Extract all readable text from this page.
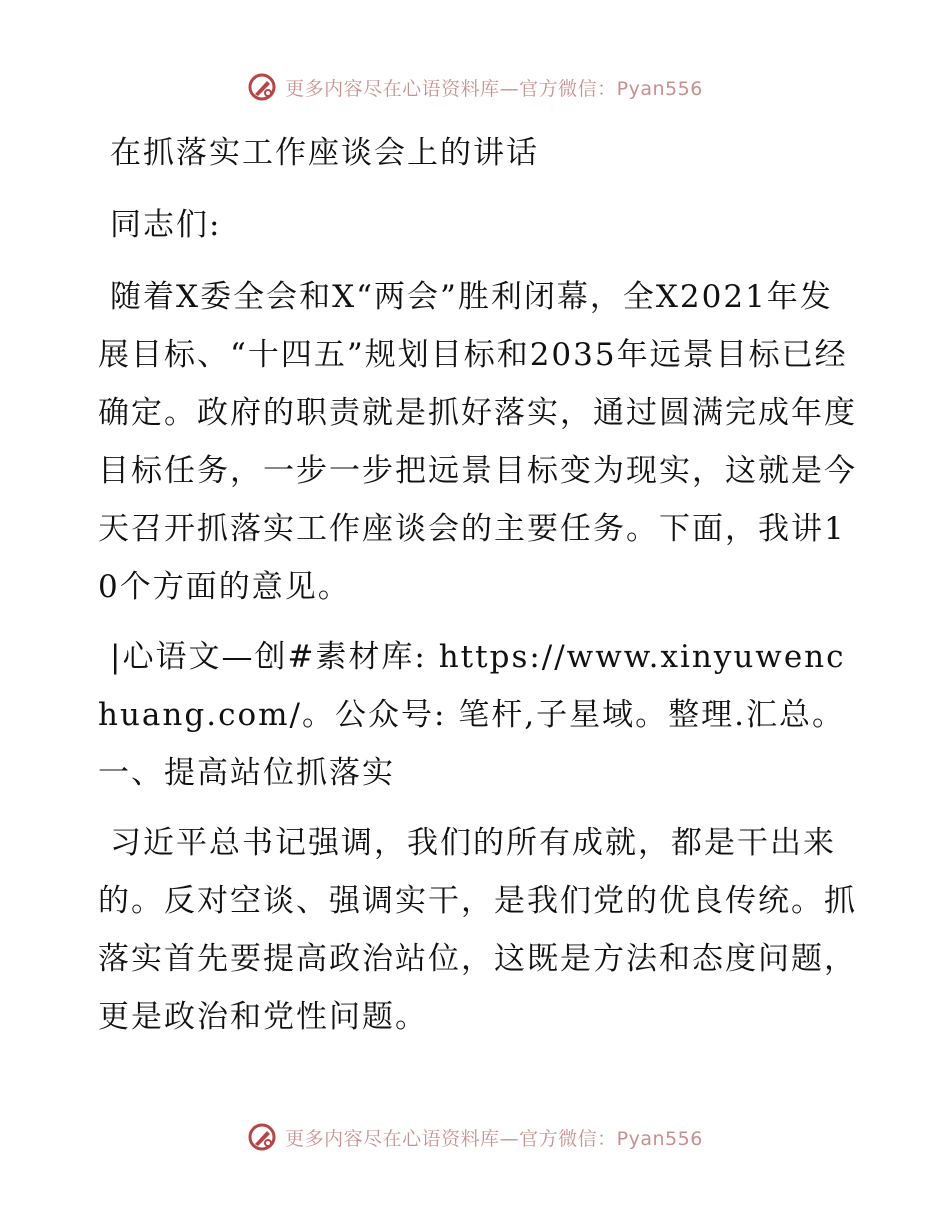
更多内容尽在心语资料库—官方微信：Pyan556

在抓落实工作座谈会上的讲话

同志们:

随着X委全会和X“两会”胜利闭幕，全X2021年发展目标、“十四五”规划目标和2035年远景目标已经确定。政府的职责就是抓好落实，通过圆满完成年度目标任务，一步一步把远景目标变为现实，这就是今天召开抓落实工作座谈会的主要任务。下面，我讲10个方面的意见。

|心语文—创#素材库: https://www.xinyuwenchuang.com/。公众号: 笔杆,子星域。整理.汇总。一、提高站位抓落实

习近平总书记强调，我们的所有成就，都是干出来的。反对空谈、强调实干，是我们党的优良传统。抓落实首先要提高政治站位，这既是方法和态度问题，更是政治和党性问题。

更多内容尽在心语资料库—官方微信：Pyan556
